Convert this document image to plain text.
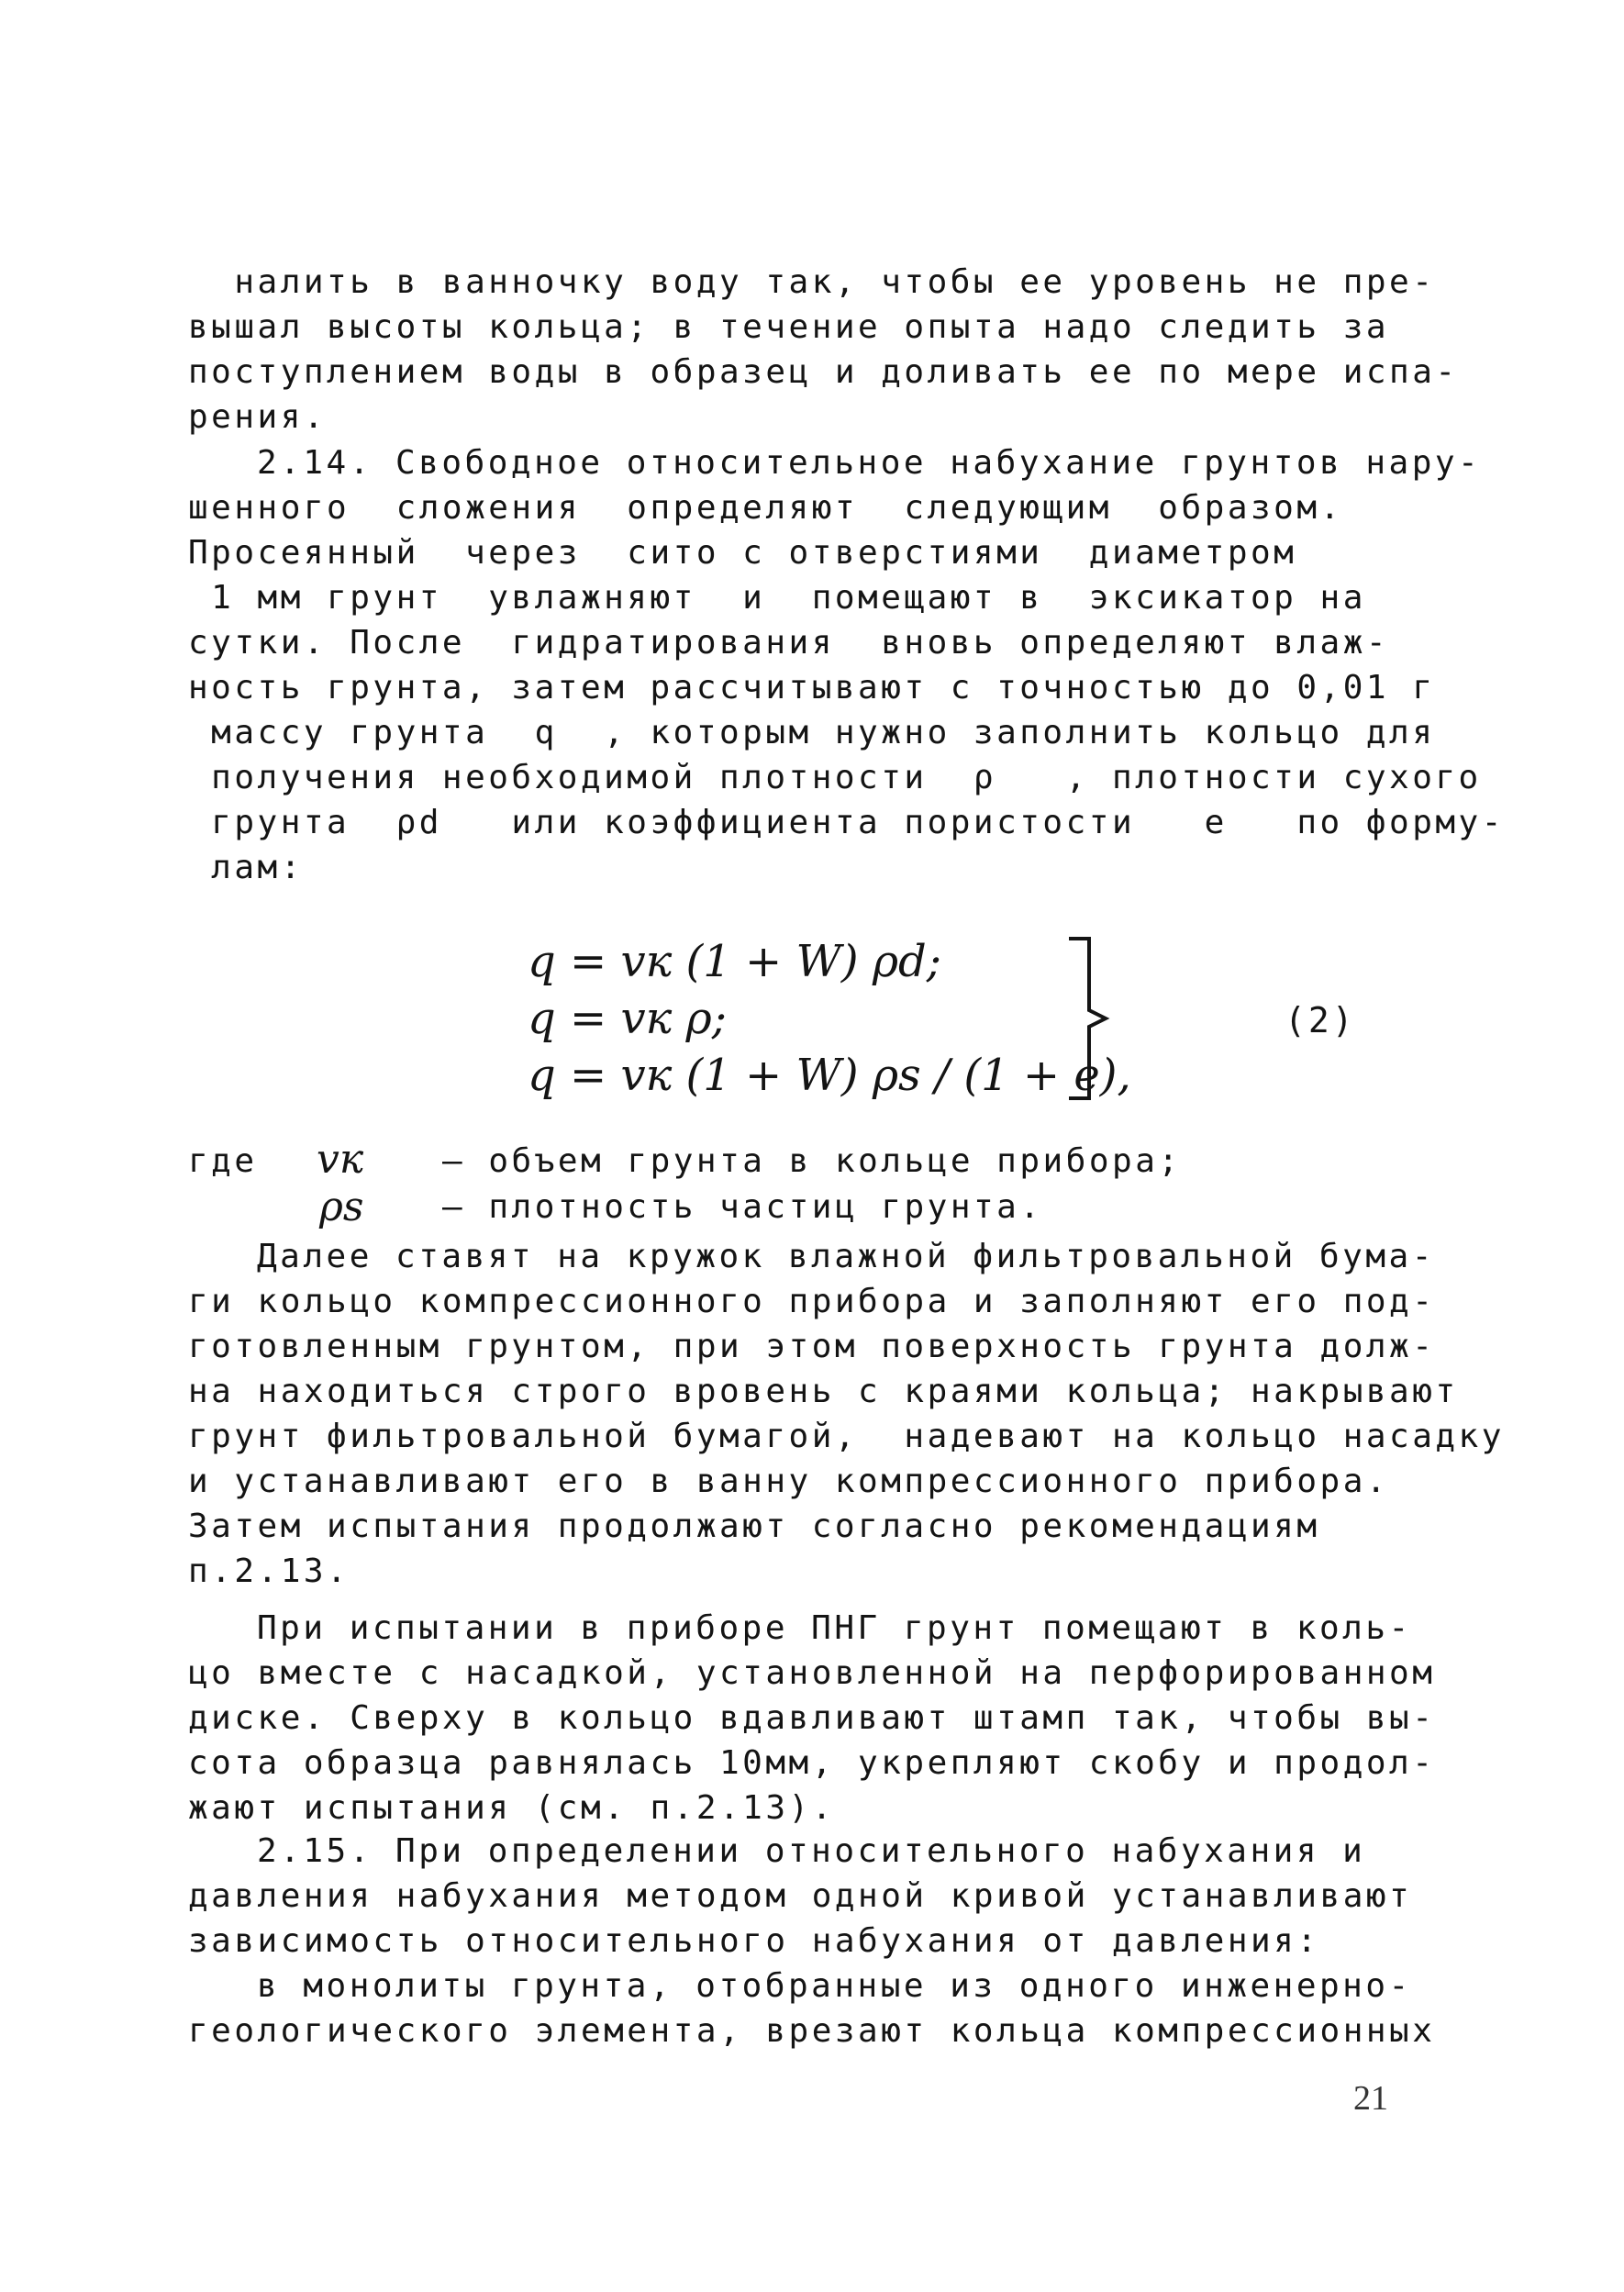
налить в ванночку воду так, чтобы ее уровень не пре-
вышал высоты кольца; в течение опыта надо следить за
поступлением воды в образец и доливать ее по мере испа-
рения.
2.14. Свободное относительное набухание грунтов нару-
шенного  сложения  определяют  следующим  образом.
Просеянный  через  сито с отверстиями  диаметром
1 мм грунт  увлажняют  и  помещают в  эксикатор на
сутки. После  гидратирования  вновь определяют влаж-
ность грунта, затем рассчитывают с точностью до 0,01 г
массу грунта  q  , которым нужно заполнить кольцо для
получения необходимой плотности  ρ   , плотности сухого
грунта  ρd   или коэффициента пористости   e   по форму-
лам:
q = vк (1 + W) ρd;
q = vк ρ;
q = vк (1 + W) ρs / (1 + e),
(2)
где vк – объем грунта в кольце прибора;
ρs – плотность частиц грунта.
Далее ставят на кружок влажной фильтровальной бума-
ги кольцо компрессионного прибора и заполняют его под-
готовленным грунтом, при этом поверхность грунта долж-
на находиться строго вровень с краями кольца; накрывают
грунт фильтровальной бумагой,  надевают на кольцо насадку
и устанавливают его в ванну компрессионного прибора.
Затем испытания продолжают согласно рекомендациям
п.2.13.
При испытании в приборе ПНГ грунт помещают в коль-
цо вместе с насадкой, установленной на перфорированном
диске. Сверху в кольцо вдавливают штамп так, чтобы вы-
сота образца равнялась 10мм, укрепляют скобу и продол-
жают испытания (см. п.2.13).
2.15. При определении относительного набухания и
давления набухания методом одной кривой устанавливают
зависимость относительного набухания от давления:
в монолиты грунта, отобранные из одного инженерно-
геологического элемента, врезают кольца компрессионных
21
